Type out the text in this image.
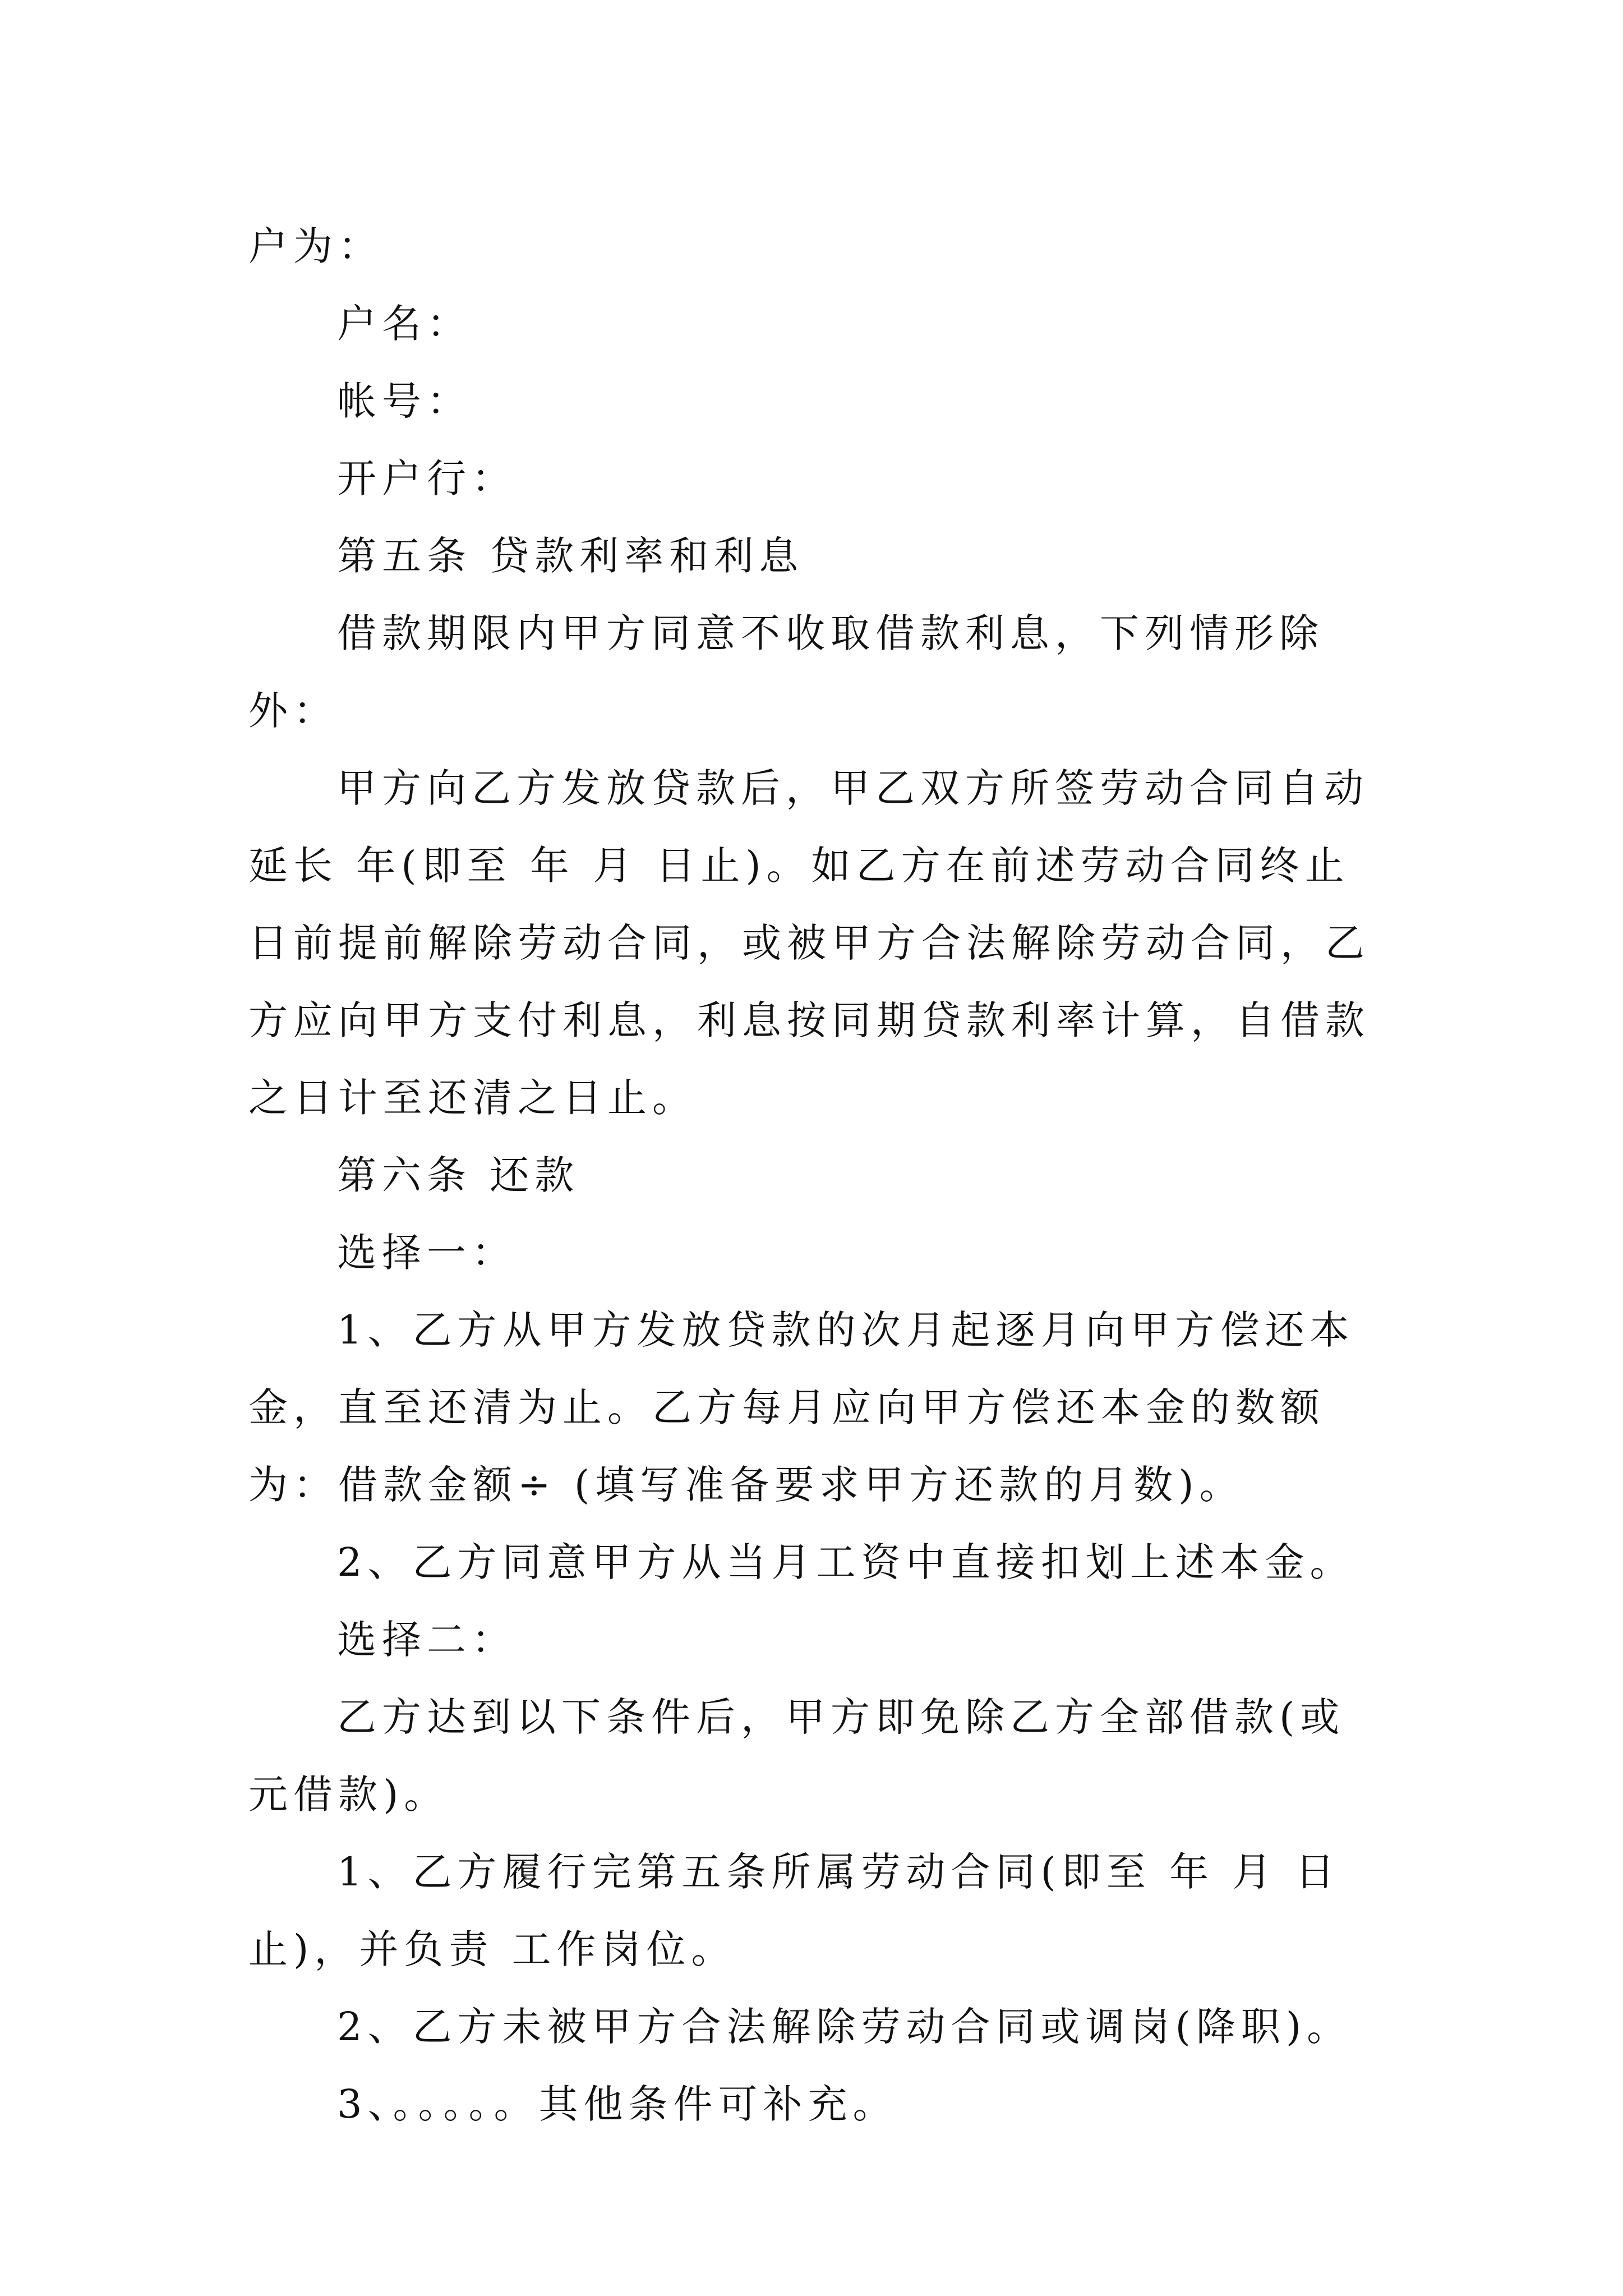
户为：

户名：

帐号：

开户行：

第五条 贷款利率和利息

借款期限内甲方同意不收取借款利息，下列情形除外：

甲方向乙方发放贷款后，甲乙双方所签劳动合同自动延长 年(即至 年 月 日止)。如乙方在前述劳动合同终止日前提前解除劳动合同，或被甲方合法解除劳动合同，乙方应向甲方支付利息，利息按同期贷款利率计算，自借款之日计至还清之日止。

第六条 还款

选择一：

1、乙方从甲方发放贷款的次月起逐月向甲方偿还本金，直至还清为止。乙方每月应向甲方偿还本金的数额为：借款金额÷ (填写准备要求甲方还款的月数)。

2、乙方同意甲方从当月工资中直接扣划上述本金。

选择二：

乙方达到以下条件后，甲方即免除乙方全部借款(或 元借款)。

1、乙方履行完第五条所属劳动合同(即至 年 月 日止)，并负责 工作岗位。

2、乙方未被甲方合法解除劳动合同或调岗(降职)。

3、。。。。。其他条件可补充。
